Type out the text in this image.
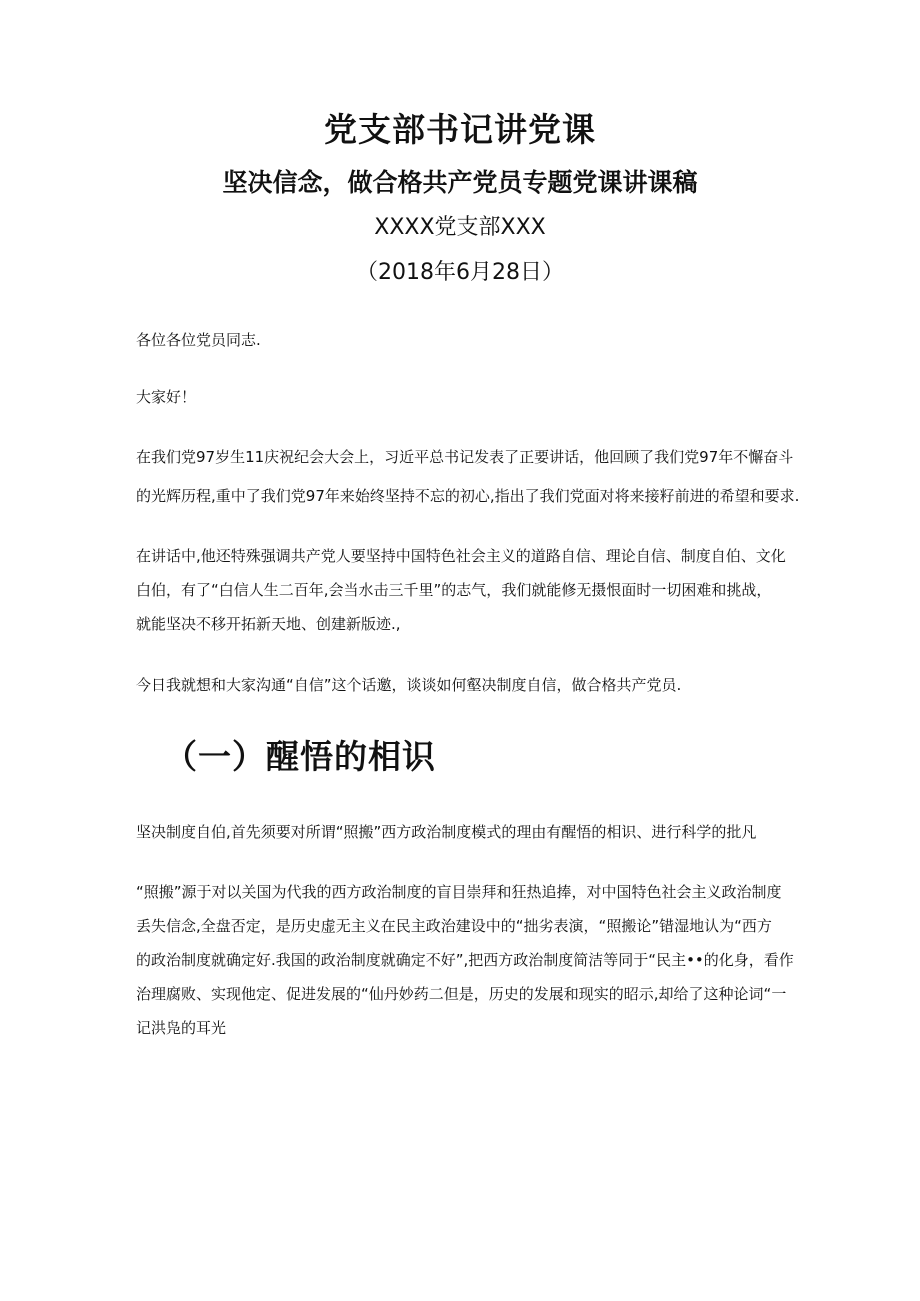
党支部书记讲党课
坚决信念，做合格共产党员专题党课讲课稿
XXXX党支部XXX
（2018年6月28日）

各位各位党员同志.

大家好！

在我们党97岁生11庆祝纪会大会上，习近平总书记发表了正要讲话，他回顾了我们党97年不懈奋斗

的光辉历程,重中了我们党97年来始终坚持不忘的初心,指出了我们党面对将来接籽前进的希望和要求.

在讲话中,他还特殊强调共产党人要坚持中国特色社会主义的道路自信、理论自信、制度自伯、文化

白伯，有了“白信人生二百年,会当水击三千里”的志气，我们就能修无摄恨面时一切困难和挑战，

就能坚决不移开拓新天地、创建新版迹.,

今日我就想和大家沟通“自信”这个话邀，谈谈如何壑决制度自信，做合格共产党员.

（一）醒悟的相识

坚决制度自伯,首先须要对所谓“照搬”西方政治制度模式的理由有醒悟的相识、进行科学的批凡

“照搬”源于对以关国为代我的西方政治制度的盲目崇拜和狂热追捧，对中国特色社会主义政治制度

丢失信念,全盘否定，是历史虚无主义在民主政治建设中的“拙劣表演，“照搬论”错湿地认为“西方

的政治制度就确定好.我国的政治制度就确定不好”,把西方政治制度简洁等同于“民主••的化身，看作

治理腐败、实现他定、促进发展的“仙丹妙药二但是，历史的发展和现实的昭示,却给了这种论词“一

记洪凫的耳光
